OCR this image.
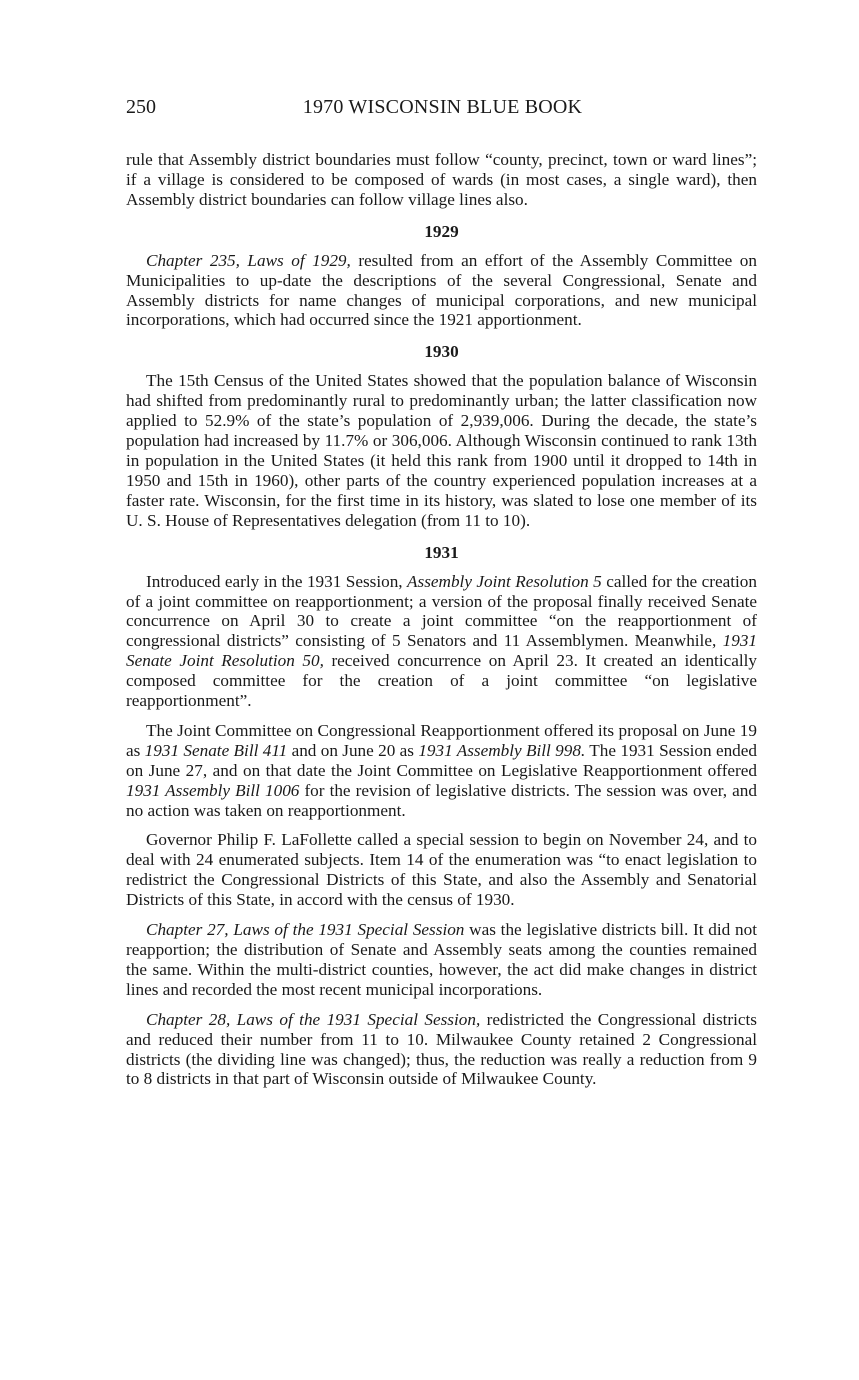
250	1970 WISCONSIN BLUE BOOK

rule that Assembly district boundaries must follow “county, precinct, town or ward lines”; if a village is considered to be composed of wards (in most cases, a single ward), then Assembly district boundaries can follow village lines also.

1929

Chapter 235, Laws of 1929, resulted from an effort of the Assembly Committee on Municipalities to up-date the descriptions of the several Congressional, Senate and Assembly districts for name changes of municipal corporations, and new municipal incorporations, which had occurred since the 1921 apportionment.

1930

The 15th Census of the United States showed that the population balance of Wisconsin had shifted from predominantly rural to predominantly urban; the latter classification now applied to 52.9% of the state’s population of 2,939,006. During the decade, the state’s population had increased by 11.7% or 306,006. Although Wisconsin continued to rank 13th in population in the United States (it held this rank from 1900 until it dropped to 14th in 1950 and 15th in 1960), other parts of the country experienced population increases at a faster rate. Wisconsin, for the first time in its history, was slated to lose one member of its U. S. House of Representatives delegation (from 11 to 10).

1931

Introduced early in the 1931 Session, Assembly Joint Resolution 5 called for the creation of a joint committee on reapportionment; a version of the proposal finally received Senate concurrence on April 30 to create a joint committee “on the reapportionment of congressional districts” consisting of 5 Senators and 11 Assemblymen. Meanwhile, 1931 Senate Joint Resolution 50, received concurrence on April 23. It created an identically composed committee for the creation of a joint committee “on legislative reapportionment”.

The Joint Committee on Congressional Reapportionment offered its proposal on June 19 as 1931 Senate Bill 411 and on June 20 as 1931 Assembly Bill 998. The 1931 Session ended on June 27, and on that date the Joint Committee on Legislative Reapportionment offered 1931 Assembly Bill 1006 for the revision of legislative districts. The session was over, and no action was taken on reapportionment.

Governor Philip F. LaFollette called a special session to begin on November 24, and to deal with 24 enumerated subjects. Item 14 of the enumeration was “to enact legislation to redistrict the Congressional Districts of this State, and also the Assembly and Senatorial Districts of this State, in accord with the census of 1930.

Chapter 27, Laws of the 1931 Special Session was the legislative districts bill. It did not reapportion; the distribution of Senate and Assembly seats among the counties remained the same. Within the multi-district counties, however, the act did make changes in district lines and recorded the most recent municipal incorporations.

Chapter 28, Laws of the 1931 Special Session, redistricted the Congressional districts and reduced their number from 11 to 10. Milwaukee County retained 2 Congressional districts (the dividing line was changed); thus, the reduction was really a reduction from 9 to 8 districts in that part of Wisconsin outside of Milwaukee County.
